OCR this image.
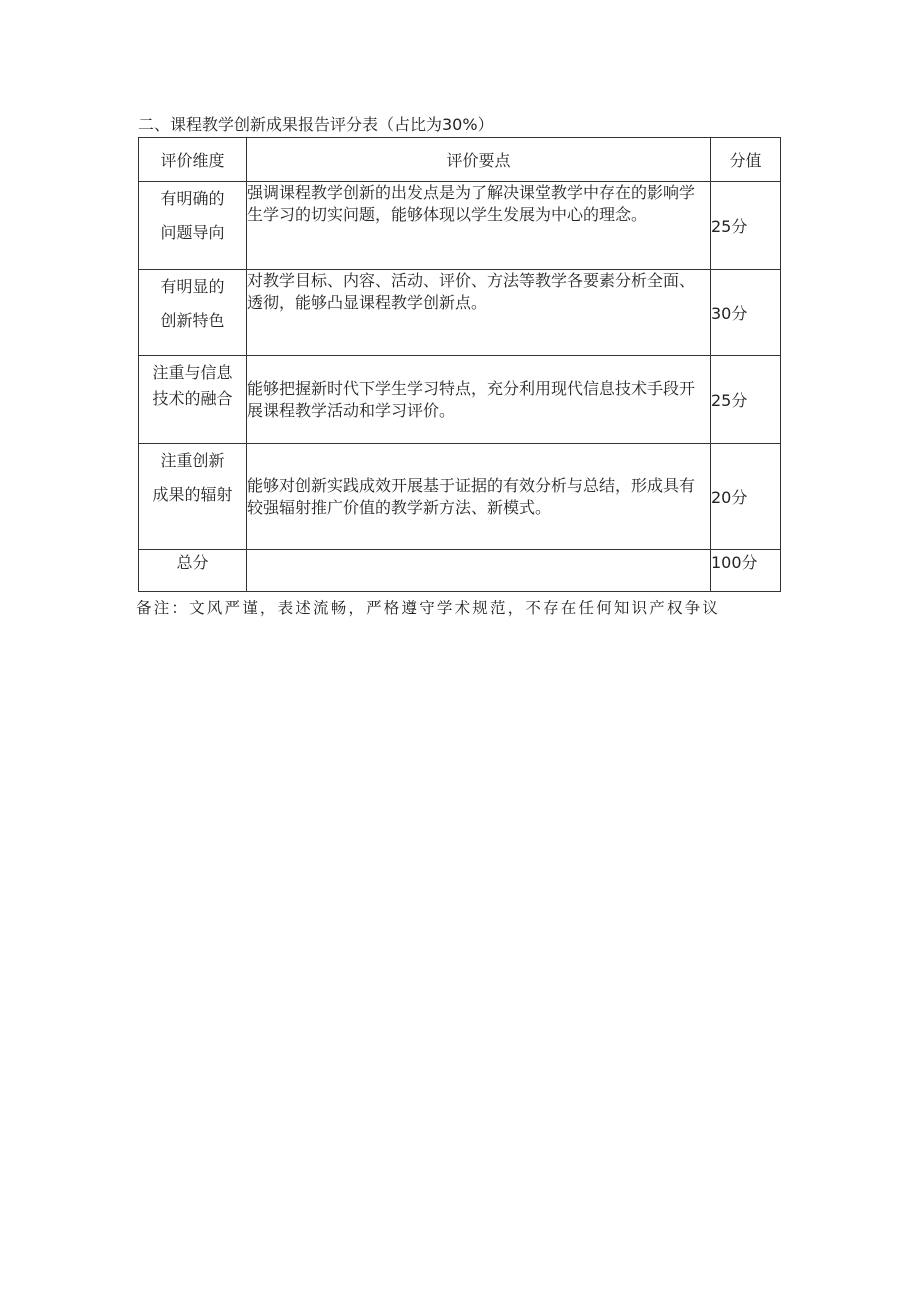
二、课程教学创新成果报告评分表（占比为30%）
评价维度	评价要点	分值

有明确的
问题导向	强调课程教学创新的出发点是为了解决课堂教学中存在的影响学生学习的切实问题，能够体现以学生发展为中心的理念。	25分

有明显的
创新特色	对教学目标、内容、活动、评价、方法等教学各要素分析全面、透彻，能够凸显课程教学创新点。	30分

注重与信息
技术的融合	能够把握新时代下学生学习特点，充分利用现代信息技术手段开展课程教学活动和学习评价。	25分

注重创新
成果的辐射	能够对创新实践成效开展基于证据的有效分析与总结，形成具有较强辐射推广价值的教学新方法、新模式。	20分
总分		100分
备注：文风严谨，表述流畅，严格遵守学术规范，不存在任何知识产权争议
